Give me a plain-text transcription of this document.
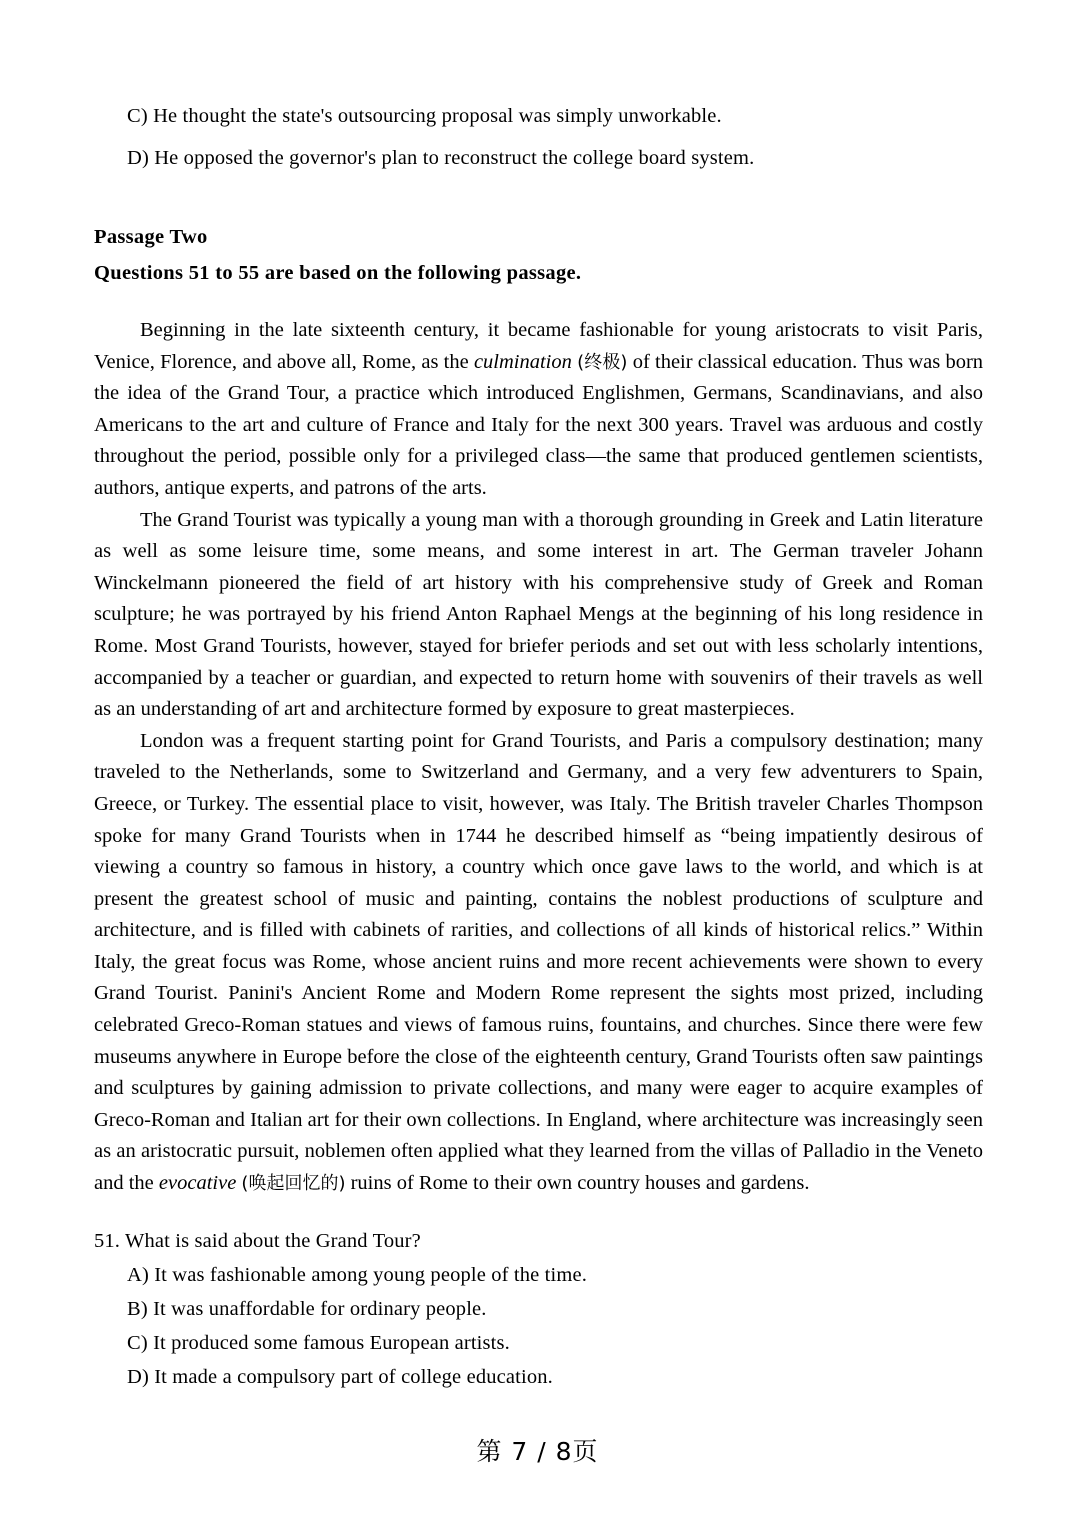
C) He thought the state's outsourcing proposal was simply unworkable.
D) He opposed the governor's plan to reconstruct the college board system.
Passage Two
Questions 51 to 55 are based on the following passage.

Beginning in the late sixteenth century, it became fashionable for young aristocrats to visit Paris, Venice, Florence, and above all, Rome, as the culmination (终极) of their classical education. Thus was born the idea of the Grand Tour, a practice which introduced Englishmen, Germans, Scandinavians, and also Americans to the art and culture of France and Italy for the next 300 years. Travel was arduous and costly throughout the period, possible only for a privileged class—the same that produced gentlemen scientists, authors, antique experts, and patrons of the arts.

The Grand Tourist was typically a young man with a thorough grounding in Greek and Latin literature as well as some leisure time, some means, and some interest in art. The German traveler Johann Winckelmann pioneered the field of art history with his comprehensive study of Greek and Roman sculpture; he was portrayed by his friend Anton Raphael Mengs at the beginning of his long residence in Rome. Most Grand Tourists, however, stayed for briefer periods and set out with less scholarly intentions, accompanied by a teacher or guardian, and expected to return home with souvenirs of their travels as well as an understanding of art and architecture formed by exposure to great masterpieces.

London was a frequent starting point for Grand Tourists, and Paris a compulsory destination; many traveled to the Netherlands, some to Switzerland and Germany, and a very few adventurers to Spain, Greece, or Turkey. The essential place to visit, however, was Italy. The British traveler Charles Thompson spoke for many Grand Tourists when in 1744 he described himself as “being impatiently desirous of viewing a country so famous in history, a country which once gave laws to the world, and which is at present the greatest school of music and painting, contains the noblest productions of sculpture and architecture, and is filled with cabinets of rarities, and collections of all kinds of historical relics.” Within Italy, the great focus was Rome, whose ancient ruins and more recent achievements were shown to every Grand Tourist. Panini's Ancient Rome and Modern Rome represent the sights most prized, including celebrated Greco-Roman statues and views of famous ruins, fountains, and churches. Since there were few museums anywhere in Europe before the close of the eighteenth century, Grand Tourists often saw paintings and sculptures by gaining admission to private collections, and many were eager to acquire examples of Greco-Roman and Italian art for their own collections. In England, where architecture was increasingly seen as an aristocratic pursuit, noblemen often applied what they learned from the villas of Palladio in the Veneto and the evocative (唤起回忆的) ruins of Rome to their own country houses and gardens.

51. What is said about the Grand Tour?
A) It was fashionable among young people of the time.
B) It was unaffordable for ordinary people.
C) It produced some famous European artists.
D) It made a compulsory part of college education.
第 7 / 8页
